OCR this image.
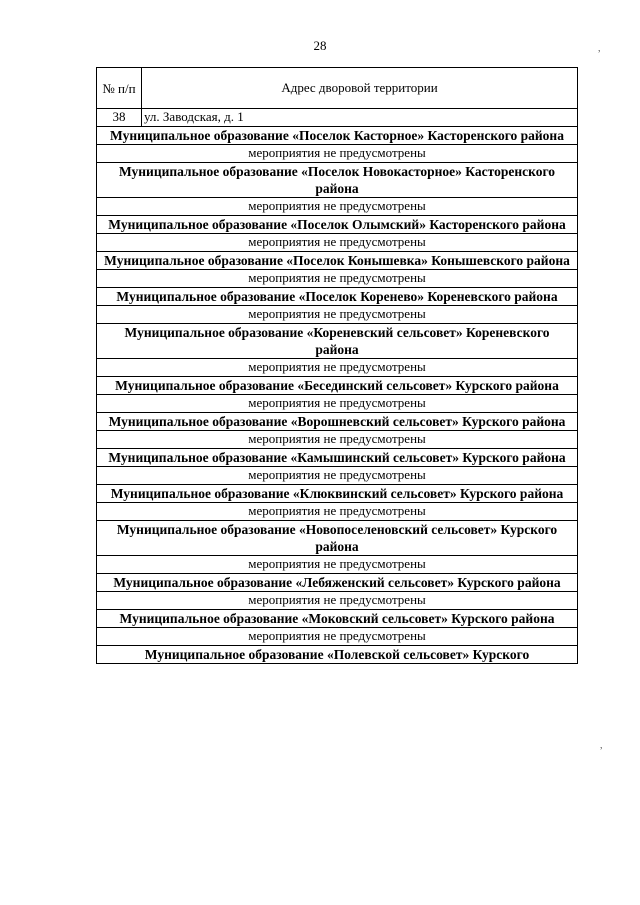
28
№ п/п	Адрес дворовой территории
38	ул. Заводская, д. 1
Муниципальное образование «Поселок Касторное» Касторенского района	
мероприятия не предусмотрены	
Муниципальное образование «Поселок Новокасторное» Касторенского района	
мероприятия не предусмотрены	
Муниципальное образование «Поселок Олымский» Касторенского района	
мероприятия не предусмотрены	
Муниципальное образование «Поселок Конышевка» Конышевского района	
мероприятия не предусмотрены	
Муниципальное образование «Поселок Коренево» Кореневского района	
мероприятия не предусмотрены	
Муниципальное образование «Кореневский сельсовет» Кореневского района	
мероприятия не предусмотрены	
Муниципальное образование «Бесединский сельсовет» Курского района	
мероприятия не предусмотрены	
Муниципальное образование «Ворошневский сельсовет» Курского района	
мероприятия не предусмотрены	
Муниципальное образование «Камышинский сельсовет» Курского района	
мероприятия не предусмотрены	
Муниципальное образование «Клюквинский сельсовет» Курского района	
мероприятия не предусмотрены	
Муниципальное образование «Новопоселеновский сельсовет» Курского района	
мероприятия не предусмотрены	
Муниципальное образование «Лебяженский сельсовет» Курского района	
мероприятия не предусмотрены	
Муниципальное образование «Моковский сельсовет» Курского района	
мероприятия не предусмотрены	
Муниципальное образование «Полевской сельсовет» Курского	
,
,
